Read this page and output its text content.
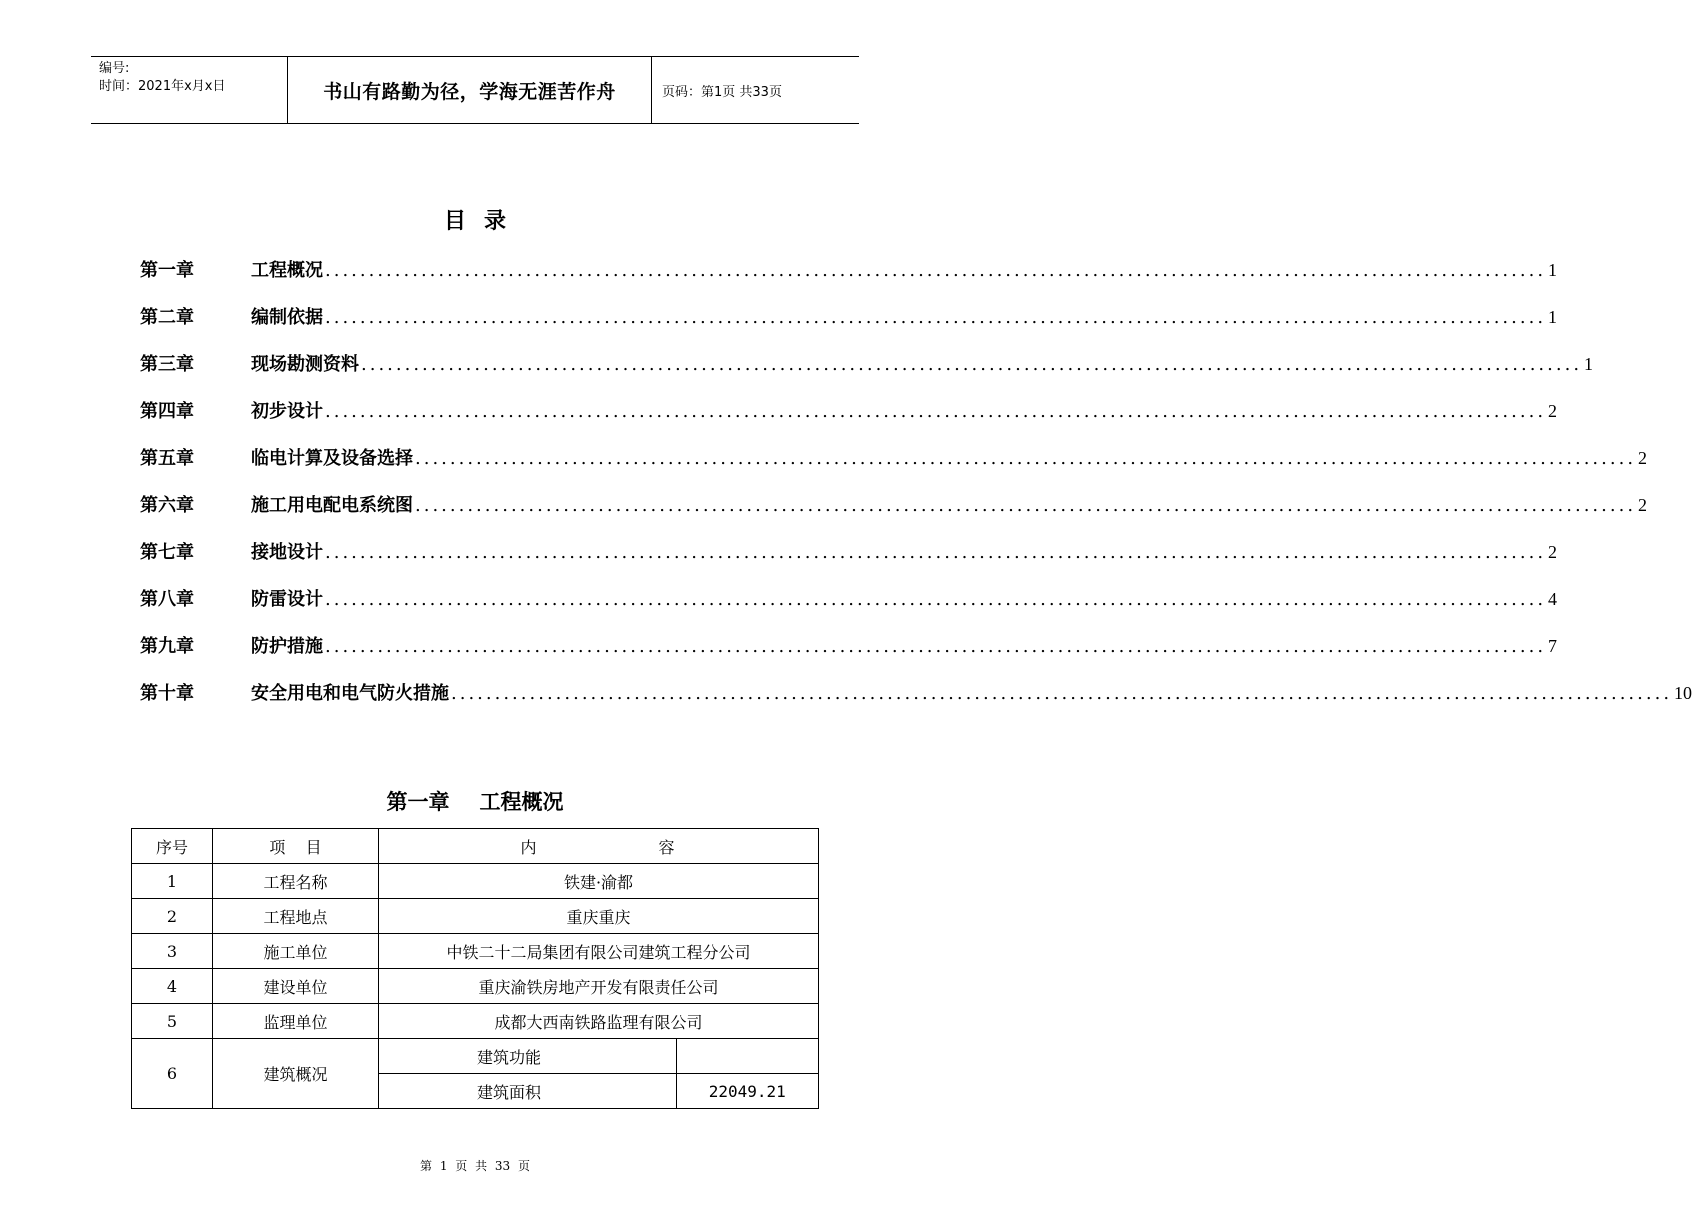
编号:
时间：2021年x月x日	书山有路勤为径，学海无涯苦作舟	页码：第1页 共33页
目录
第一章	工程概况 ............................................................................................................................................ 1
第二章	编制依据 ............................................................................................................................................ 1
第三章	现场勘测资料 ............................................................................................................................................ 1
第四章	初步设计 ............................................................................................................................................ 2
第五章	临电计算及设备选择 ............................................................................................................................................ 2
第六章	施工用电配电系统图 ............................................................................................................................................ 2
第七章	接地设计 ............................................................................................................................................ 2
第八章	防雷设计 ............................................................................................................................................ 4
第九章	防护措施 ............................................................................................................................................ 7
第十章	安全用电和电气防火措施 ............................................................................................................................................ 10
第一章 工程概况
序号	项    目	内 容	
1	工程名称	铁建·渝都	
2	工程地点	重庆重庆	
3	施工单位	中铁二十二局集团有限公司建筑工程分公司	
4	建设单位	重庆渝铁房地产开发有限责任公司	
5	监理单位	成都大西南铁路监理有限公司	
6	建筑概况	建筑功能	
		建筑面积	22049.21
第 1 页 共 33 页
